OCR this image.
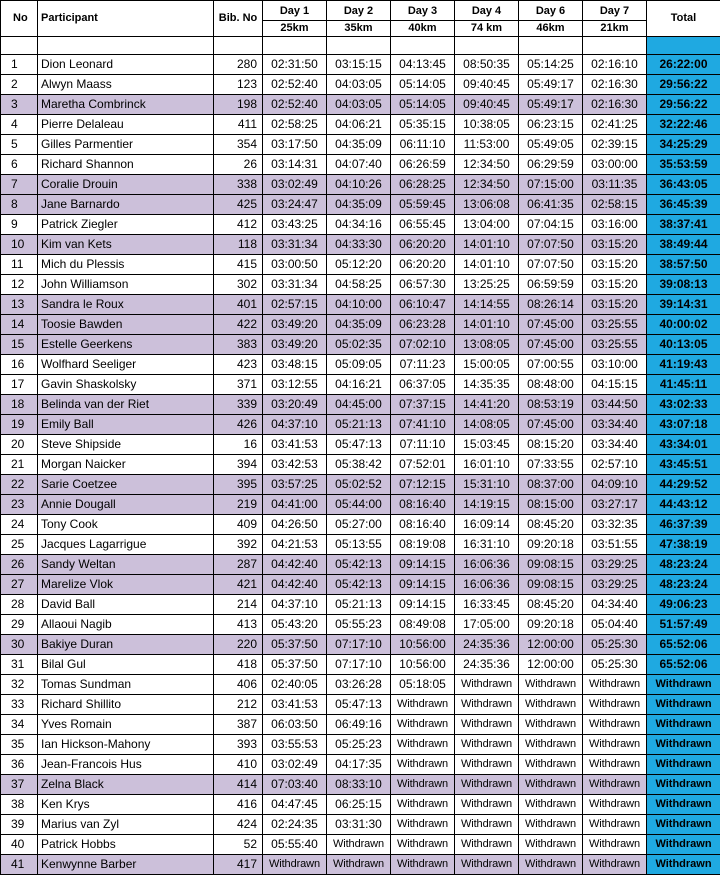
No	Participant	Bib. No	Day 1	Day 2	Day 3	Day 4	Day 6	Day 7	Total
			25km	35km	40km	74 km	46km	21km	

1	Dion Leonard	280	02:31:50	03:15:15	04:13:45	08:50:35	05:14:25	02:16:10	26:22:00
2	Alwyn Maass	123	02:52:40	04:03:05	05:14:05	09:40:45	05:49:17	02:16:30	29:56:22
3	Maretha Combrinck	198	02:52:40	04:03:05	05:14:05	09:40:45	05:49:17	02:16:30	29:56:22
4	Pierre Delaleau	411	02:58:25	04:06:21	05:35:15	10:38:05	06:23:15	02:41:25	32:22:46
5	Gilles Parmentier	354	03:17:50	04:35:09	06:11:10	11:53:00	05:49:05	02:39:15	34:25:29
6	Richard Shannon	26	03:14:31	04:07:40	06:26:59	12:34:50	06:29:59	03:00:00	35:53:59
7	Coralie Drouin	338	03:02:49	04:10:26	06:28:25	12:34:50	07:15:00	03:11:35	36:43:05
8	Jane Barnardo	425	03:24:47	04:35:09	05:59:45	13:06:08	06:41:35	02:58:15	36:45:39
9	Patrick Ziegler	412	03:43:25	04:34:16	06:55:45	13:04:00	07:04:15	03:16:00	38:37:41
10	Kim van Kets	118	03:31:34	04:33:30	06:20:20	14:01:10	07:07:50	03:15:20	38:49:44
11	Mich du Plessis	415	03:00:50	05:12:20	06:20:20	14:01:10	07:07:50	03:15:20	38:57:50
12	John Williamson	302	03:31:34	04:58:25	06:57:30	13:25:25	06:59:59	03:15:20	39:08:13
13	Sandra le Roux	401	02:57:15	04:10:00	06:10:47	14:14:55	08:26:14	03:15:20	39:14:31
14	Toosie Bawden	422	03:49:20	04:35:09	06:23:28	14:01:10	07:45:00	03:25:55	40:00:02
15	Estelle Geerkens	383	03:49:20	05:02:35	07:02:10	13:08:05	07:45:00	03:25:55	40:13:05
16	Wolfhard Seeliger	423	03:48:15	05:09:05	07:11:23	15:00:05	07:00:55	03:10:00	41:19:43
17	Gavin Shaskolsky	371	03:12:55	04:16:21	06:37:05	14:35:35	08:48:00	04:15:15	41:45:11
18	Belinda van der Riet	339	03:20:49	04:45:00	07:37:15	14:41:20	08:53:19	03:44:50	43:02:33
19	Emily Ball	426	04:37:10	05:21:13	07:41:10	14:08:05	07:45:00	03:34:40	43:07:18
20	Steve Shipside	16	03:41:53	05:47:13	07:11:10	15:03:45	08:15:20	03:34:40	43:34:01
21	Morgan Naicker	394	03:42:53	05:38:42	07:52:01	16:01:10	07:33:55	02:57:10	43:45:51
22	Sarie Coetzee	395	03:57:25	05:02:52	07:12:15	15:31:10	08:37:00	04:09:10	44:29:52
23	Annie Dougall	219	04:41:00	05:44:00	08:16:40	14:19:15	08:15:00	03:27:17	44:43:12
24	Tony Cook	409	04:26:50	05:27:00	08:16:40	16:09:14	08:45:20	03:32:35	46:37:39
25	Jacques Lagarrigue	392	04:21:53	05:13:55	08:19:08	16:31:10	09:20:18	03:51:55	47:38:19
26	Sandy Weltan	287	04:42:40	05:42:13	09:14:15	16:06:36	09:08:15	03:29:25	48:23:24
27	Marelize Vlok	421	04:42:40	05:42:13	09:14:15	16:06:36	09:08:15	03:29:25	48:23:24
28	David Ball	214	04:37:10	05:21:13	09:14:15	16:33:45	08:45:20	04:34:40	49:06:23
29	Allaoui Nagib	413	05:43:20	05:55:23	08:49:08	17:05:00	09:20:18	05:04:40	51:57:49
30	Bakiye Duran	220	05:37:50	07:17:10	10:56:00	24:35:36	12:00:00	05:25:30	65:52:06
31	Bilal Gul	418	05:37:50	07:17:10	10:56:00	24:35:36	12:00:00	05:25:30	65:52:06
32	Tomas Sundman	406	02:40:05	03:26:28	05:18:05	Withdrawn	Withdrawn	Withdrawn	Withdrawn
33	Richard Shillito	212	03:41:53	05:47:13	Withdrawn	Withdrawn	Withdrawn	Withdrawn	Withdrawn
34	Yves Romain	387	06:03:50	06:49:16	Withdrawn	Withdrawn	Withdrawn	Withdrawn	Withdrawn
35	Ian Hickson-Mahony	393	03:55:53	05:25:23	Withdrawn	Withdrawn	Withdrawn	Withdrawn	Withdrawn
36	Jean-Francois Hus	410	03:02:49	04:17:35	Withdrawn	Withdrawn	Withdrawn	Withdrawn	Withdrawn
37	Zelna Black	414	07:03:40	08:33:10	Withdrawn	Withdrawn	Withdrawn	Withdrawn	Withdrawn
38	Ken Krys	416	04:47:45	06:25:15	Withdrawn	Withdrawn	Withdrawn	Withdrawn	Withdrawn
39	Marius van Zyl	424	02:24:35	03:31:30	Withdrawn	Withdrawn	Withdrawn	Withdrawn	Withdrawn
40	Patrick Hobbs	52	05:55:40	Withdrawn	Withdrawn	Withdrawn	Withdrawn	Withdrawn	Withdrawn
41	Kenwynne Barber	417	Withdrawn	Withdrawn	Withdrawn	Withdrawn	Withdrawn	Withdrawn	Withdrawn
